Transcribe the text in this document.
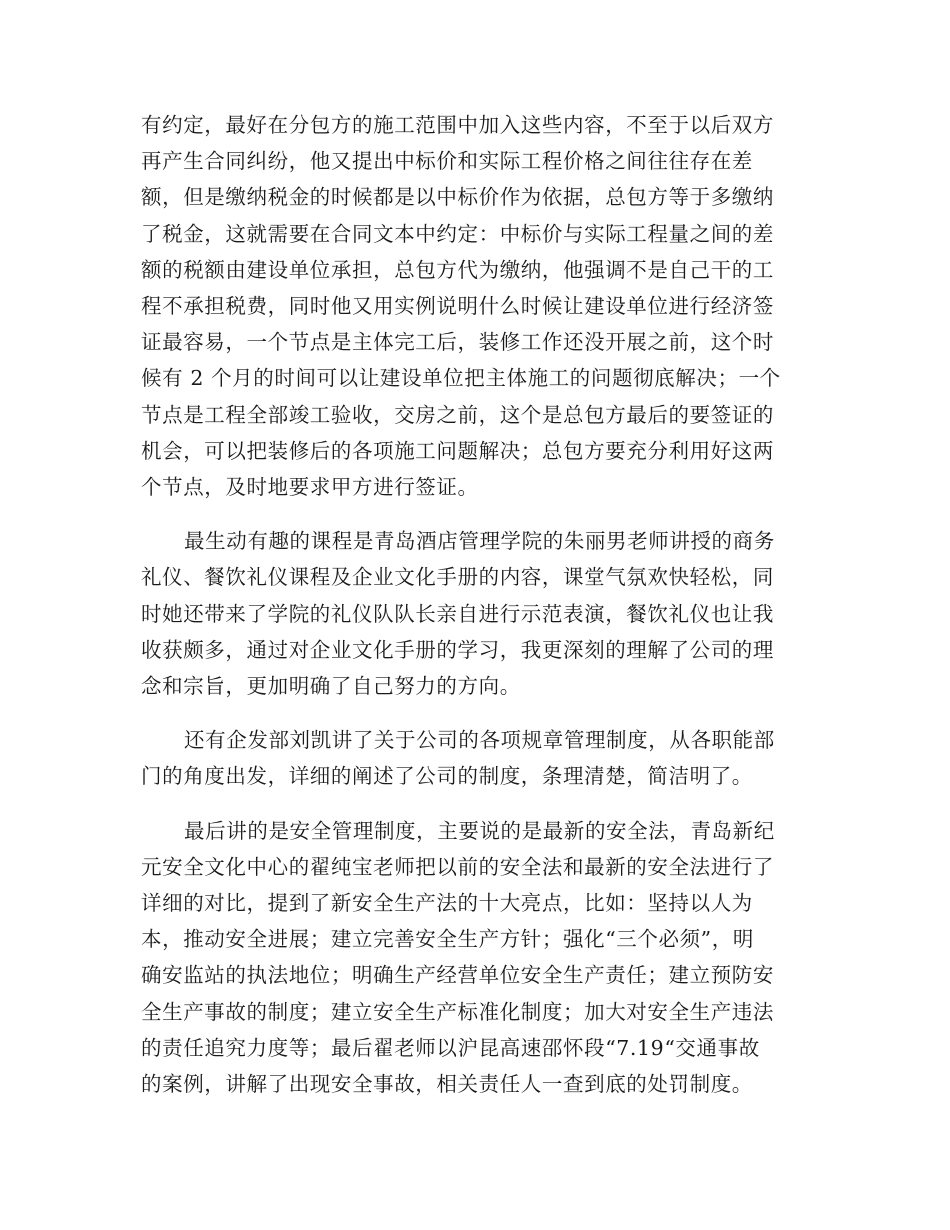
有约定，最好在分包方的施工范围中加入这些内容，不至于以后双方
再产生合同纠纷，他又提出中标价和实际工程价格之间往往存在差
额，但是缴纳税金的时候都是以中标价作为依据，总包方等于多缴纳
了税金，这就需要在合同文本中约定：中标价与实际工程量之间的差
额的税额由建设单位承担，总包方代为缴纳，他强调不是自己干的工
程不承担税费，同时他又用实例说明什么时候让建设单位进行经济签
证最容易，一个节点是主体完工后，装修工作还没开展之前，这个时
候有 2 个月的时间可以让建设单位把主体施工的问题彻底解决；一个
节点是工程全部竣工验收，交房之前，这个是总包方最后的要签证的
机会，可以把装修后的各项施工问题解决；总包方要充分利用好这两
个节点，及时地要求甲方进行签证。

最生动有趣的课程是青岛酒店管理学院的朱丽男老师讲授的商务
礼仪、餐饮礼仪课程及企业文化手册的内容，课堂气氛欢快轻松，同
时她还带来了学院的礼仪队队长亲自进行示范表演，餐饮礼仪也让我
收获颇多，通过对企业文化手册的学习，我更深刻的理解了公司的理
念和宗旨，更加明确了自己努力的方向。

还有企发部刘凯讲了关于公司的各项规章管理制度，从各职能部
门的角度出发，详细的阐述了公司的制度，条理清楚，简洁明了。

最后讲的是安全管理制度，主要说的是最新的安全法，青岛新纪
元安全文化中心的翟纯宝老师把以前的安全法和最新的安全法进行了
详细的对比，提到了新安全生产法的十大亮点，比如：坚持以人为
本，推动安全进展；建立完善安全生产方针；强化“三个必须”，明
确安监站的执法地位；明确生产经营单位安全生产责任；建立预防安
全生产事故的制度；建立安全生产标准化制度；加大对安全生产违法
的责任追究力度等；最后翟老师以沪昆高速邵怀段“7.19“交通事故
的案例，讲解了出现安全事故，相关责任人一查到底的处罚制度。
